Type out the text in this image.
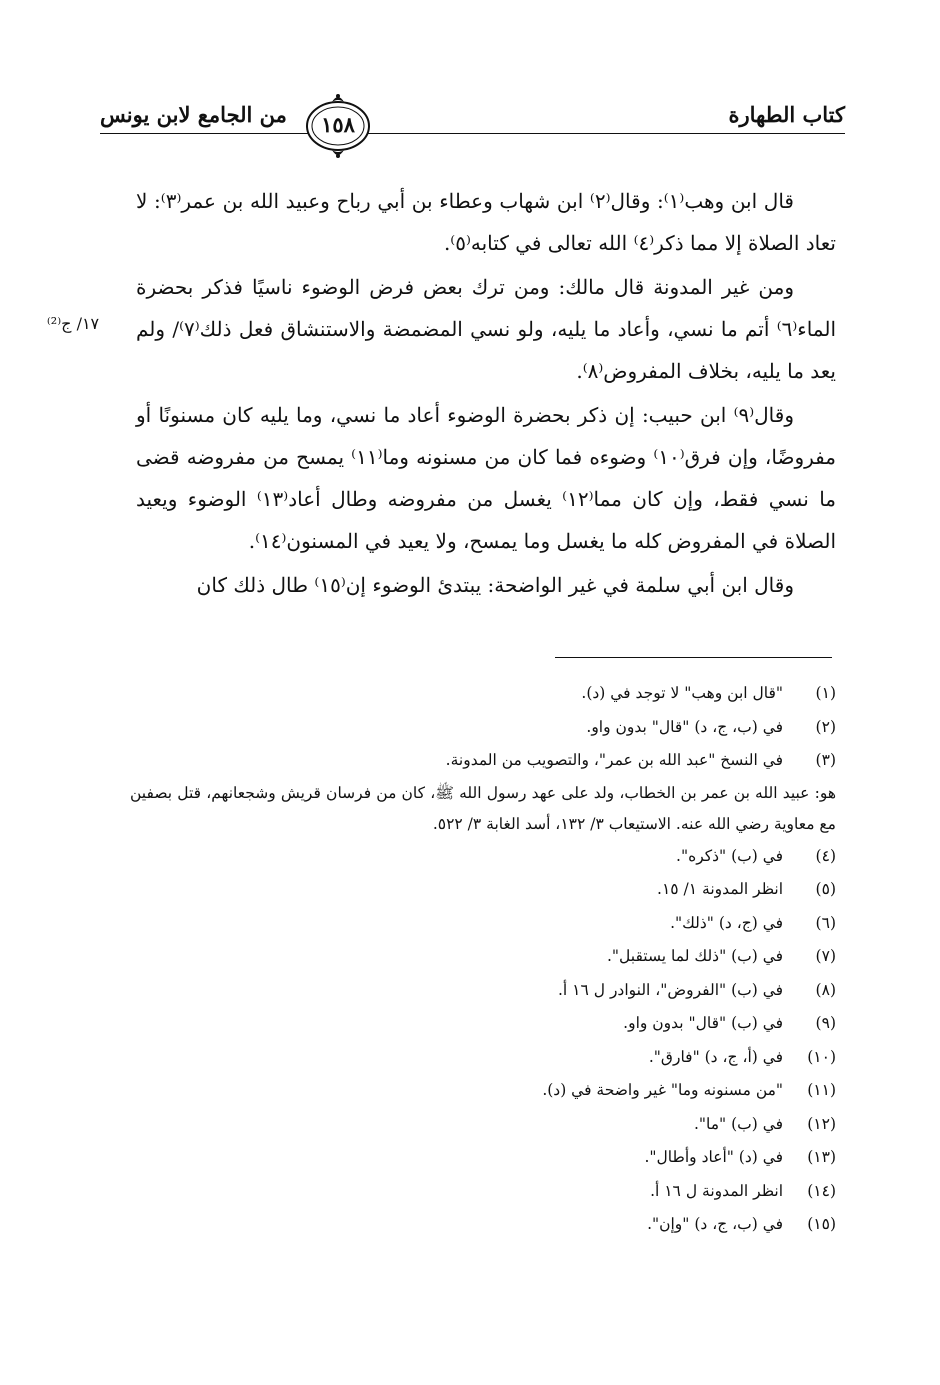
كتاب الطهارة
من الجامع لابن يونس	١٥٨
١٧/ ج⁽²⁾

قال ابن وهب⁽١⁾: وقال⁽٢⁾ ابن شهاب وعطاء بن أبي رباح وعبيد الله بن عمر⁽٣⁾: لا تعاد الصلاة إلا مما ذكر⁽٤⁾ الله تعالى في كتابه⁽٥⁾.

ومن غير المدونة قال مالك: ومن ترك بعض فرض الوضوء ناسيًا فذكر بحضرة الماء⁽٦⁾ أتم ما نسي، وأعاد ما يليه، ولو نسي المضمضة والاستنشاق فعل ذلك⁽٧⁾/ ولم يعد ما يليه، بخلاف المفروض⁽٨⁾.

وقال⁽٩⁾ ابن حبيب: إن ذكر بحضرة الوضوء أعاد ما نسي، وما يليه كان مسنونًا أو مفروضًا، وإن فرق⁽١٠⁾ وضوءه فما كان من مسنونه وما⁽١١⁾ يمسح من مفروضه قضى ما نسي فقط، وإن كان مما⁽١٢⁾ يغسل من مفروضه وطال أعاد⁽١٣⁾ الوضوء ويعيد الصلاة في المفروض كله ما يغسل وما يمسح، ولا يعيد في المسنون⁽١٤⁾.

وقال ابن أبي سلمة في غير الواضحة: يبتدئ الوضوء إن⁽١٥⁾ طال ذلك كان

(١) "قال ابن وهب" لا توجد في (د).
(٢) في (ب، ج، د) "قال" بدون واو.
(٣) في النسخ "عبد الله بن عمر"، والتصويب من المدونة.
هو: عبيد الله بن عمر بن الخطاب، ولد على عهد رسول الله ﷺ، كان من فرسان قريش وشجعانهم، قتل بصفين مع معاوية رضي الله عنه. الاستيعاب ٣/ ١٣٢، أسد الغابة ٣/ ٥٢٢.
(٤) في (ب) "ذكره".
(٥) انظر المدونة ١/ ١٥.
(٦) في (ج، د) "ذلك".
(٧) في (ب) "ذلك لما يستقبل".
(٨) في (ب) "الفروض"، النوادر ل ١٦ أ.
(٩) في (ب) "قال" بدون واو.
(١٠) في (أ، ج، د) "فارق".
(١١) "من مسنونه وما" غير واضحة في (د).
(١٢) في (ب) "ما".
(١٣) في (د) "أعاد وأطال".
(١٤) انظر المدونة ل ١٦ أ.
(١٥) في (ب، ج، د) "وإن".
